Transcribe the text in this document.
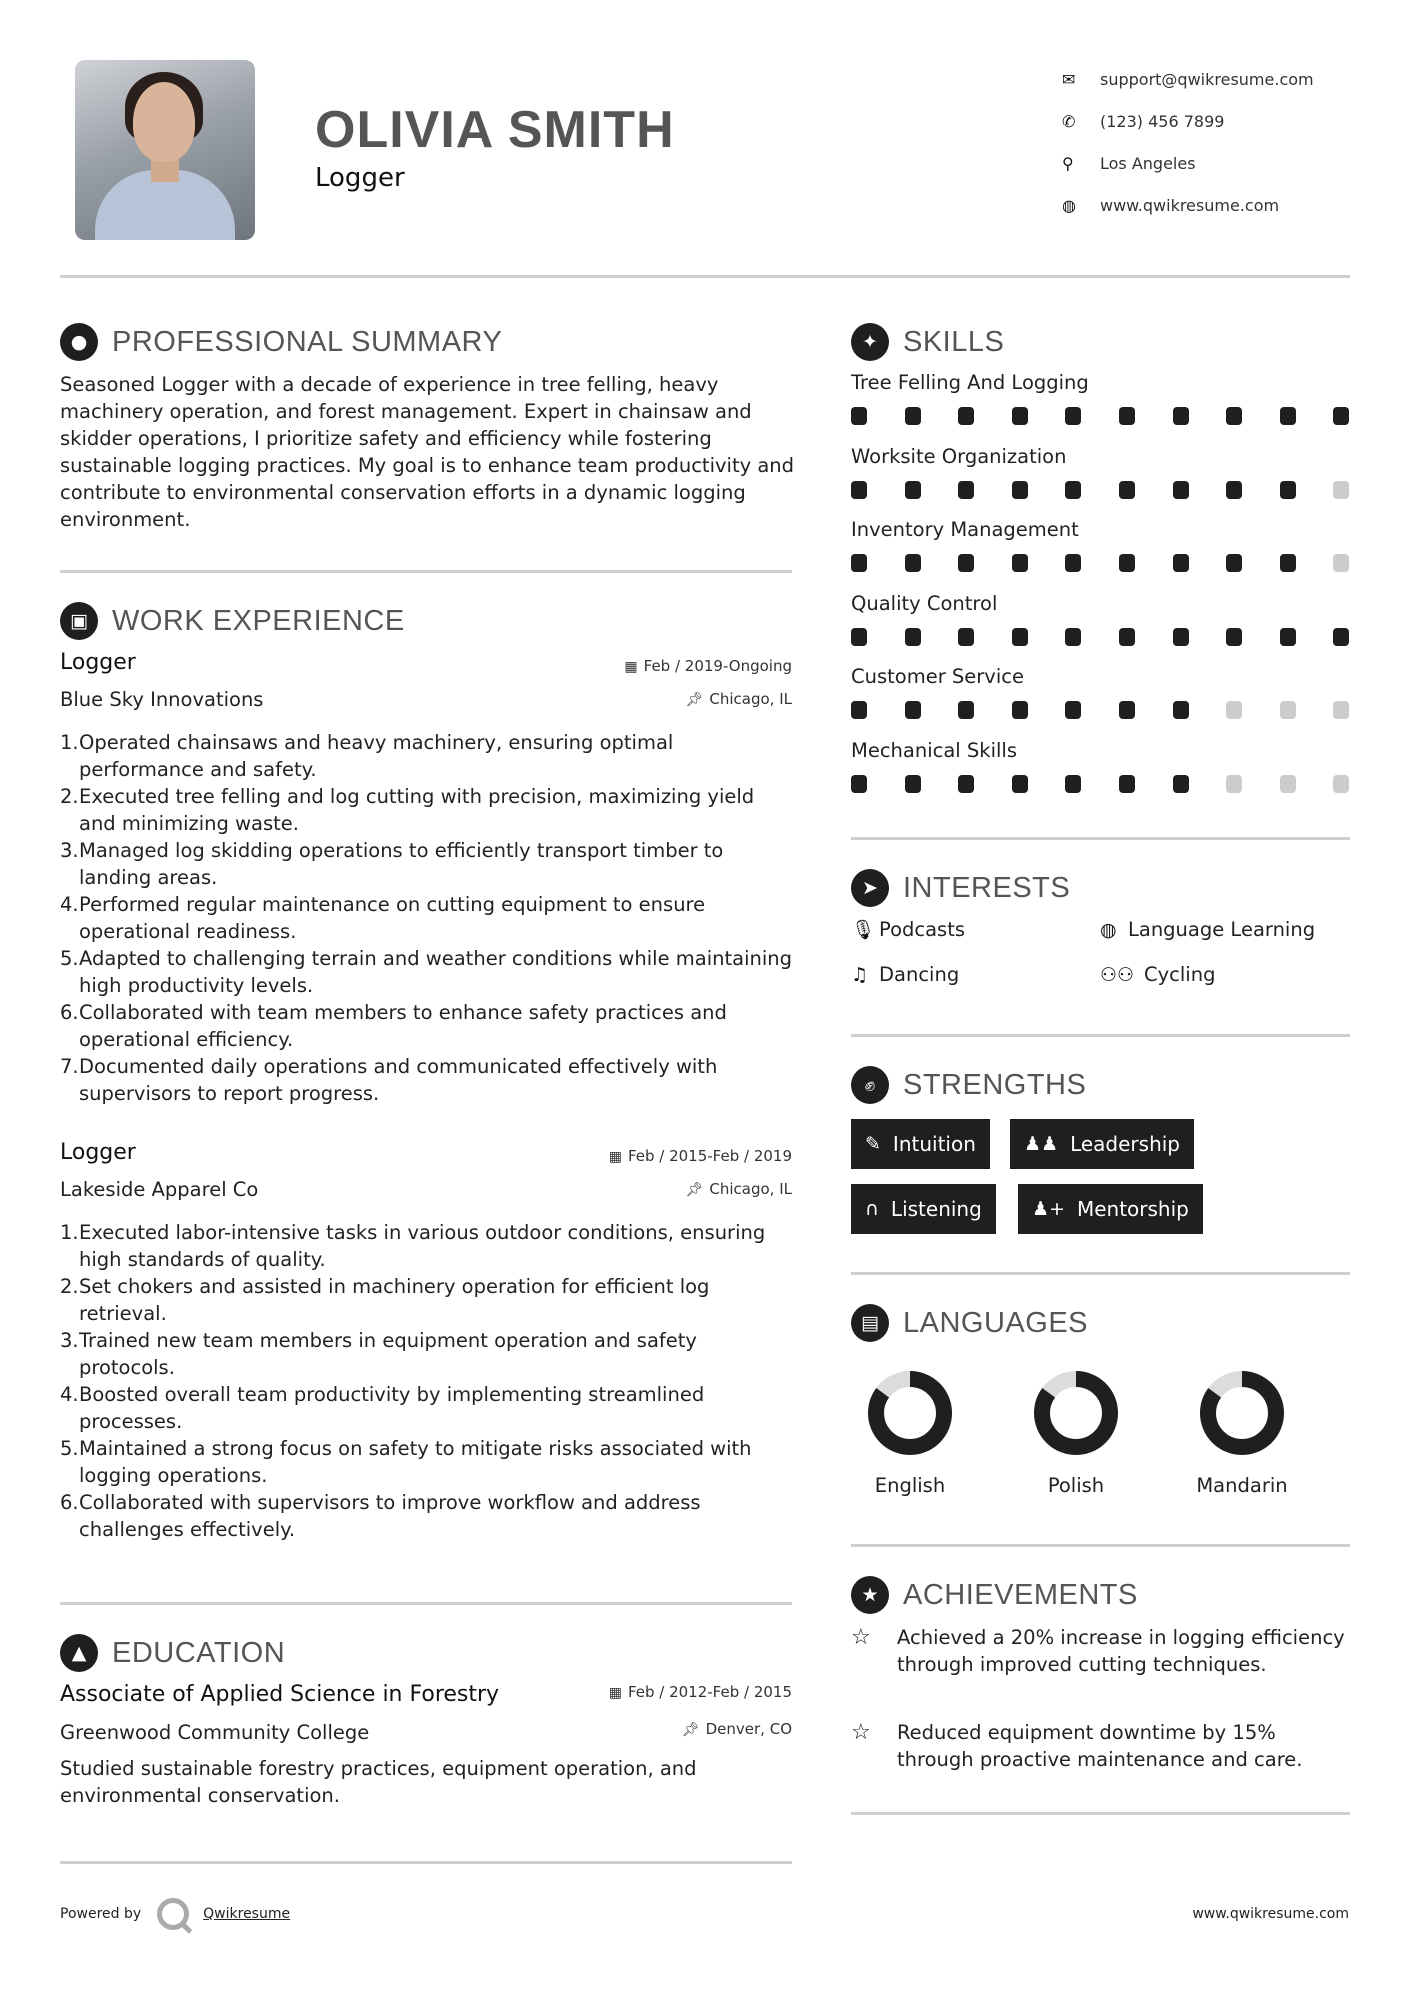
OLIVIA SMITH
Logger
✉	support@qwikresume.com
✆	(123) 456 7899
⚲	Los Angeles
◍	www.qwikresume.com
● PROFESSIONAL SUMMARY
Seasoned Logger with a decade of experience in tree felling, heavy machinery operation, and forest management. Expert in chainsaw and skidder operations, I prioritize safety and efficiency while fostering sustainable logging practices. My goal is to enhance team productivity and contribute to environmental conservation efforts in a dynamic logging environment.
▣ WORK EXPERIENCE
Logger	▦ Feb / 2019-Ongoing
Blue Sky Innovations	📌︎ Chicago, IL
1. Operated chainsaws and heavy machinery, ensuring optimal performance and safety.
2. Executed tree felling and log cutting with precision, maximizing yield and minimizing waste.
3. Managed log skidding operations to efficiently transport timber to landing areas.
4. Performed regular maintenance on cutting equipment to ensure operational readiness.
5. Adapted to challenging terrain and weather conditions while maintaining high productivity levels.
6. Collaborated with team members to enhance safety practices and operational efficiency.
7. Documented daily operations and communicated effectively with supervisors to report progress.
Logger	▦ Feb / 2015-Feb / 2019
Lakeside Apparel Co	📌︎ Chicago, IL
1. Executed labor-intensive tasks in various outdoor conditions, ensuring high standards of quality.
2. Set chokers and assisted in machinery operation for efficient log retrieval.
3. Trained new team members in equipment operation and safety protocols.
4. Boosted overall team productivity by implementing streamlined processes.
5. Maintained a strong focus on safety to mitigate risks associated with logging operations.
6. Collaborated with supervisors to improve workflow and address challenges effectively.
▲ EDUCATION
Associate of Applied Science in Forestry	▦ Feb / 2012-Feb / 2015
Greenwood Community College	📌︎ Denver, CO
Studied sustainable forestry practices, equipment operation, and environmental conservation.
✦ SKILLS
Tree Felling And Logging
Worksite Organization
Inventory Management
Quality Control
Customer Service
Mechanical Skills
➤ INTERESTS
🎙︎ Podcasts	◍ Language Learning
♫ Dancing	⚇⚇ Cycling
✊︎ STRENGTHS
✎ Intuition	♟♟ Leadership
∩ Listening	♟+ Mentorship
▤ LANGUAGES
English	Polish	Mandarin
★ ACHIEVEMENTS
☆	Achieved a 20% increase in logging efficiency through improved cutting techniques.
☆	Reduced equipment downtime by 15% through proactive maintenance and care.
Powered by	Qwikresume	www.qwikresume.com
